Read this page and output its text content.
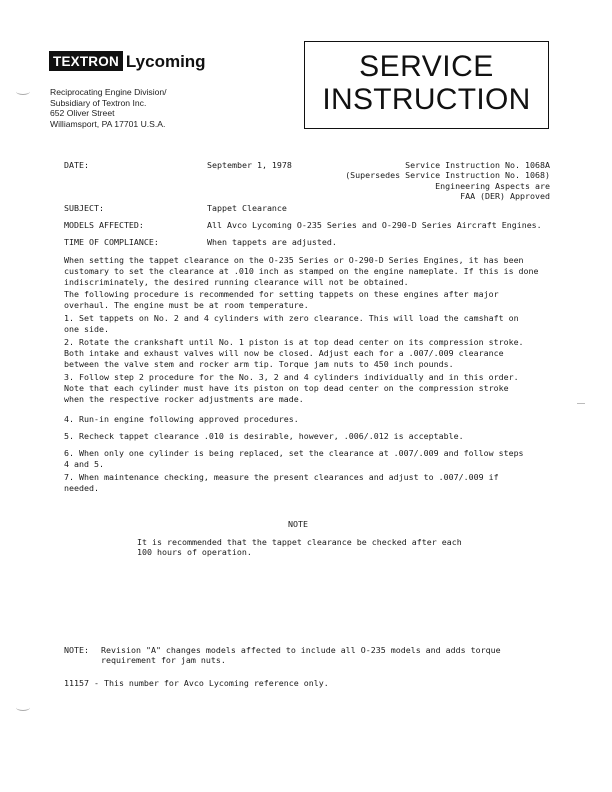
TEXTRON Lycoming
Reciprocating Engine Division/
Subsidiary of Textron Inc.
652 Oliver Street
Williamsport, PA 17701 U.S.A.
SERVICE
INSTRUCTION
DATE:	September 1, 1978	Service Instruction No. 1068A
(Supersedes Service Instruction No. 1068)
Engineering Aspects are
FAA (DER) Approved
SUBJECT:	Tappet Clearance
MODELS AFFECTED:	All Avco Lycoming O-235 Series and O-290-D Series Aircraft Engines.
TIME OF COMPLIANCE:	When tappets are adjusted.
When setting the tappet clearance on the O-235 Series or O-290-D Series Engines, it has been
customary to set the clearance at .010 inch as stamped on the engine nameplate. If this is done
indiscriminately, the desired running clearance will not be obtained.
The following procedure is recommended for setting tappets on these engines after major
overhaul. The engine must be at room temperature.
1. Set tappets on No. 2 and 4 cylinders with zero clearance. This will load the camshaft on
one side.
2. Rotate the crankshaft until No. 1 piston is at top dead center on its compression stroke.
Both intake and exhaust valves will now be closed. Adjust each for a .007/.009 clearance
between the valve stem and rocker arm tip. Torque jam nuts to 450 inch pounds.
3. Follow step 2 procedure for the No. 3, 2 and 4 cylinders individually and in this order.
Note that each cylinder must have its piston on top dead center on the compression stroke
when the respective rocker adjustments are made.
4. Run-in engine following approved procedures.
5. Recheck tappet clearance .010 is desirable, however, .006/.012 is acceptable.
6. When only one cylinder is being replaced, set the clearance at .007/.009 and follow steps
4 and 5.
7. When maintenance checking, measure the present clearances and adjust to .007/.009 if
needed.
NOTE
It is recommended that the tappet clearance be checked after each
100 hours of operation.
NOTE: Revision "A" changes models affected to include all O-235 models and adds torque
requirement for jam nuts.
11157 - This number for Avco Lycoming reference only.
